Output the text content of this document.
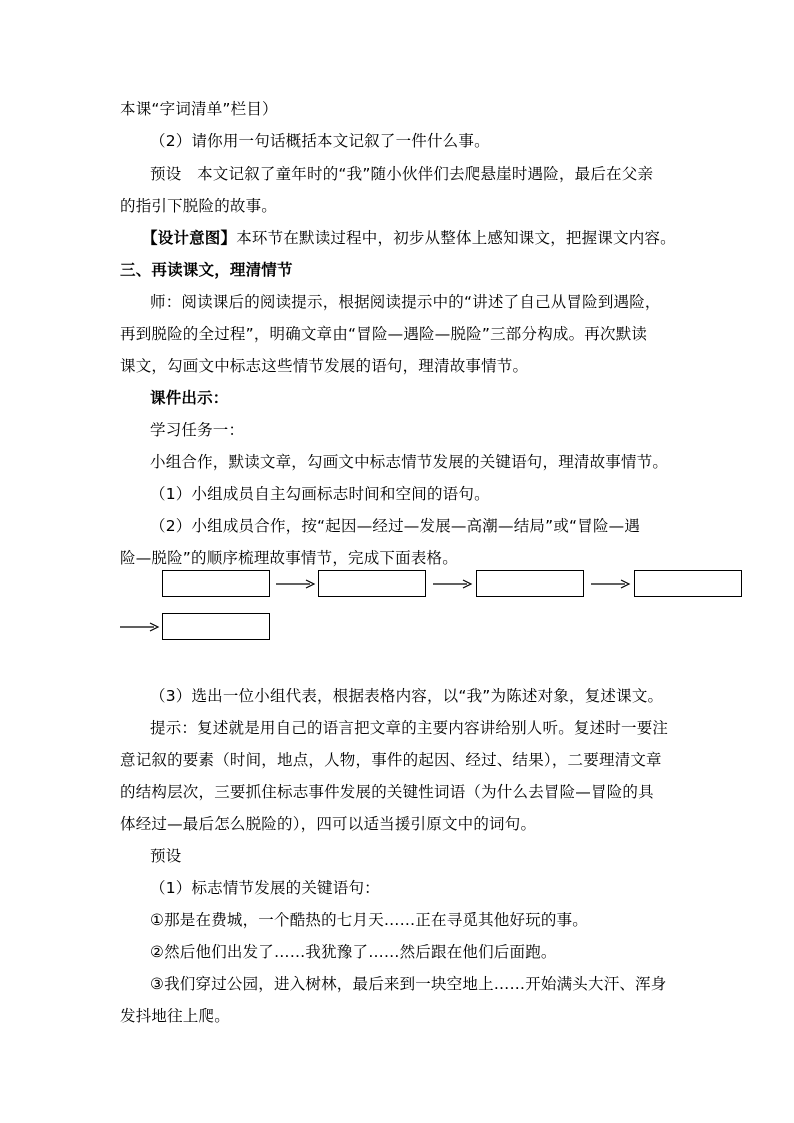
本课“字词清单”栏目）
（2）请你用一句话概括本文记叙了一件什么事。
预设　本文记叙了童年时的“我”随小伙伴们去爬悬崖时遇险，最后在父亲
的指引下脱险的故事。
【设计意图】本环节在默读过程中，初步从整体上感知课文，把握课文内容。
三、再读课文，理清情节
师：阅读课后的阅读提示，根据阅读提示中的“讲述了自己从冒险到遇险，
再到脱险的全过程”，明确文章由“冒险—遇险—脱险”三部分构成。再次默读
课文，勾画文中标志这些情节发展的语句，理清故事情节。
课件出示：
学习任务一：
小组合作，默读文章，勾画文中标志情节发展的关键语句，理清故事情节。
（1）小组成员自主勾画标志时间和空间的语句。
（2）小组成员合作，按“起因—经过—发展—高潮—结局”或“冒险—遇
险—脱险”的顺序梳理故事情节，完成下面表格。
（3）选出一位小组代表，根据表格内容，以“我”为陈述对象，复述课文。
提示：复述就是用自己的语言把文章的主要内容讲给别人听。复述时一要注
意记叙的要素（时间，地点，人物，事件的起因、经过、结果），二要理清文章
的结构层次，三要抓住标志事件发展的关键性词语（为什么去冒险—冒险的具
体经过—最后怎么脱险的），四可以适当援引原文中的词句。
预设
（1）标志情节发展的关键语句：
①那是在费城，一个酷热的七月天……正在寻觅其他好玩的事。
②然后他们出发了……我犹豫了……然后跟在他们后面跑。
③我们穿过公园，进入树林，最后来到一块空地上……开始满头大汗、浑身
发抖地往上爬。
